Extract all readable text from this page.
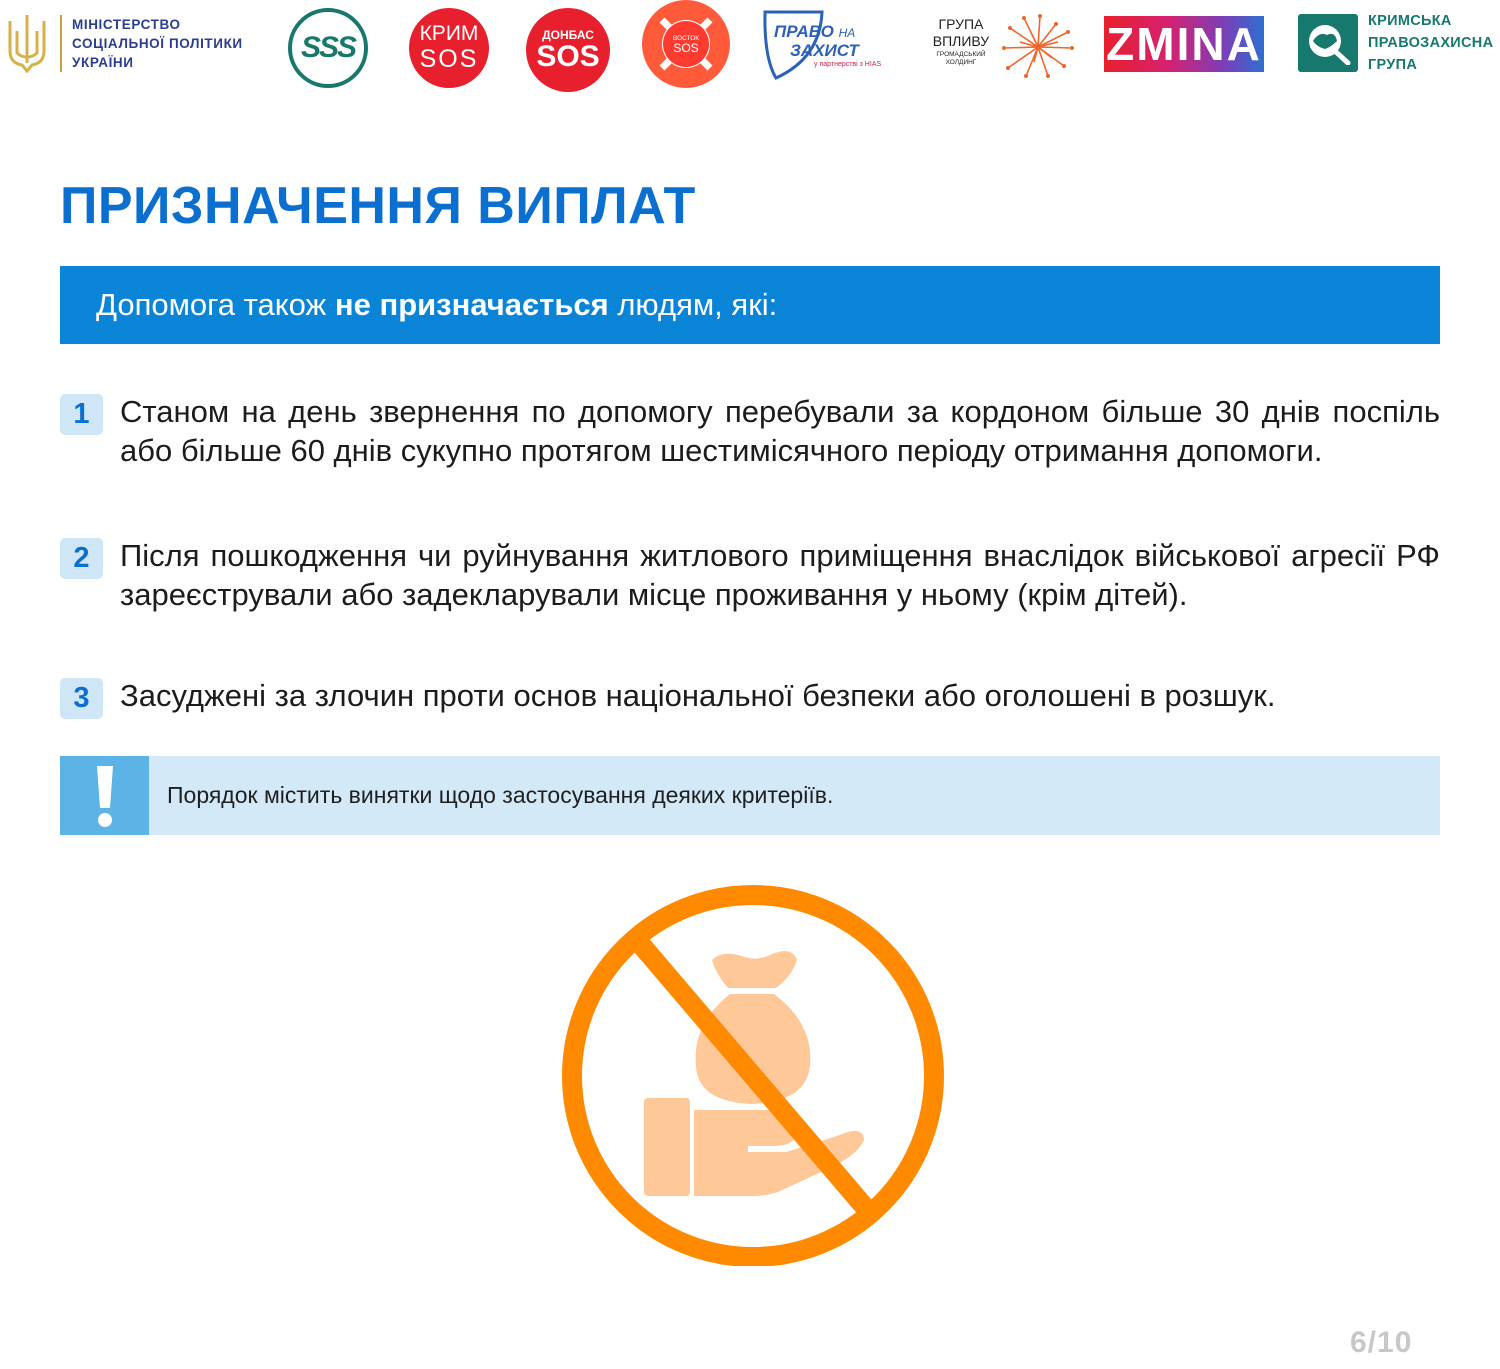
МІНІСТЕРСТВО
СОЦІАЛЬНОЇ ПОЛІТИКИ
УКРАЇНИ	SSS	КРИМ
SOS
ДОНБАС
SOS
ВОСТОК
SOS
ПРАВО НА
ЗАХИСТ
у партнерстві з HIAS
ГРУПА
ВПЛИВУ
ГРОМАДСЬКИЙ
ХОЛДИНГ	ZMINA	КРИМСЬКА
ПРАВОЗАХИСНА
ГРУПА
ПРИЗНАЧЕННЯ ВИПЛАТ
Допомога також не призначається людям, які:
1 Станом на день звернення по допомогу перебували за кордоном більше 30 днів поспіль або більше 60 днів сукупно протягом шестимісячного періоду отримання допомоги.
2 Після пошкодження чи руйнування житлового приміщення внаслідок військової агресії РФ зареєстрували або задекларували місце проживання у ньому (крім дітей).
3 Засуджені за злочин проти основ національної безпеки або оголошені в розшук.
Порядок містить винятки щодо застосування деяких критеріїв.
6/10
